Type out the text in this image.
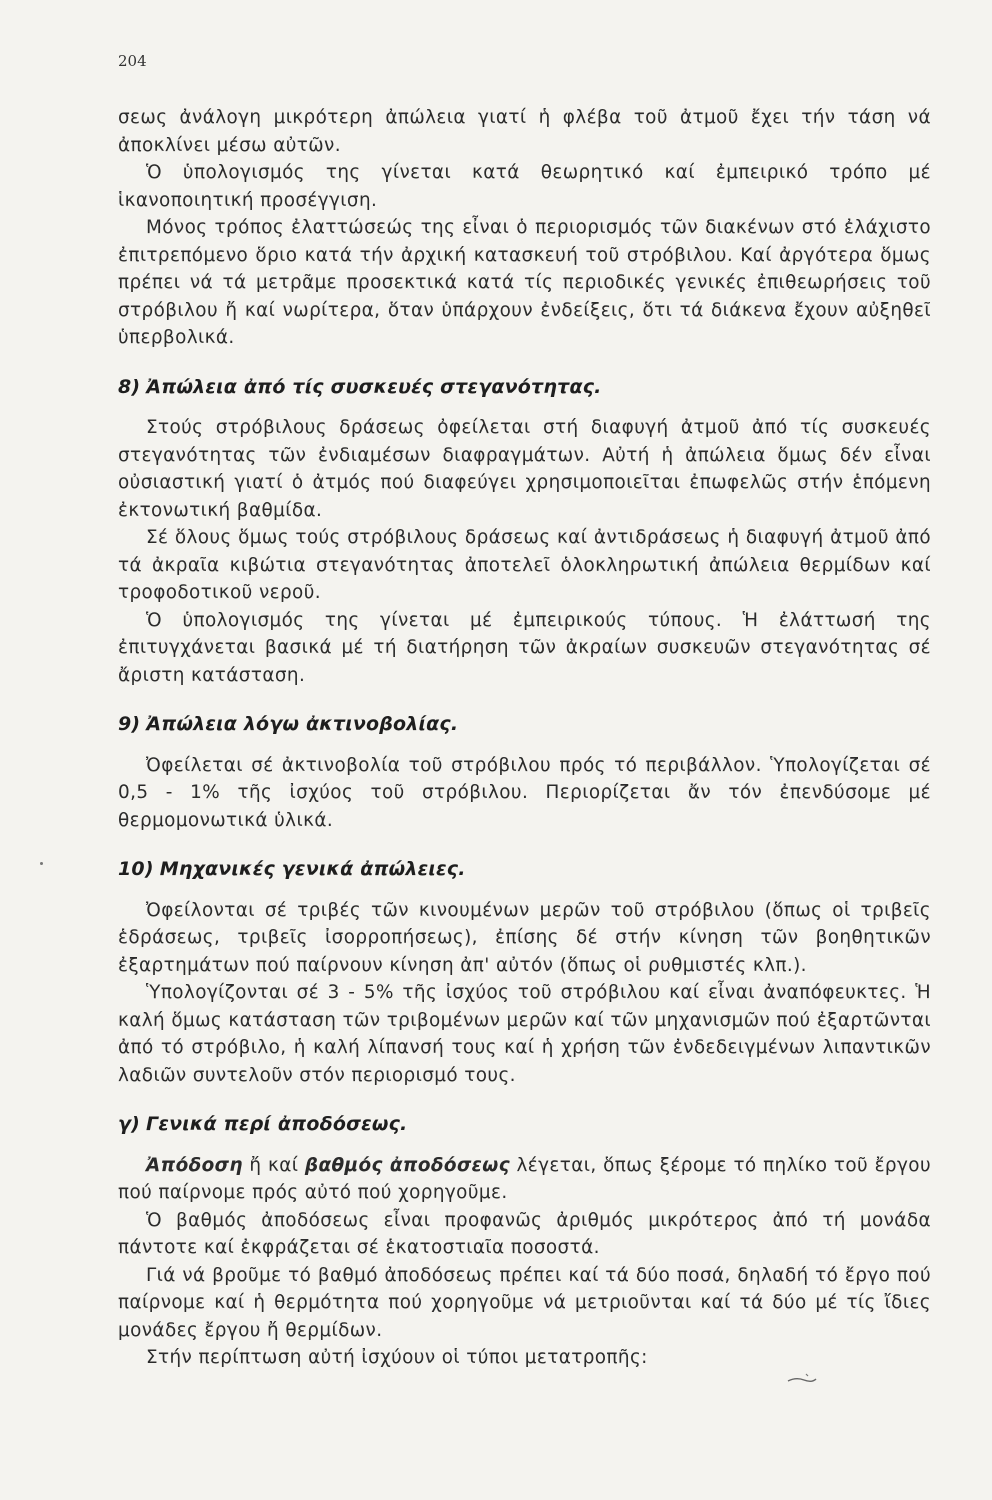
204

σεως ἀνάλογη μικρότερη ἀπώλεια γιατί ἡ φλέβα τοῦ ἀτμοῦ ἔχει τήν τάση νά ἀποκλίνει μέσω αὐτῶν.

Ὁ ὑπολογισμός της γίνεται κατά θεωρητικό καί ἐμπειρικό τρόπο μέ ἱκανοποιητική προσέγγιση.

Μόνος τρόπος ἐλαττώσεώς της εἶναι ὁ περιορισμός τῶν διακένων στό ἐλάχιστο ἐπιτρεπόμενο ὅριο κατά τήν ἀρχική κατασκευή τοῦ στρόβιλου. Καί ἀργότερα ὅμως πρέπει νά τά μετρᾶμε προσεκτικά κατά τίς περιοδικές γενικές ἐπιθεωρήσεις τοῦ στρόβιλου ἤ καί νωρίτερα, ὅταν ὑπάρχουν ἐνδείξεις, ὅτι τά διάκενα ἔχουν αὐξηθεῖ ὑπερβολικά.

8) Ἀπώλεια ἀπό τίς συσκευές στεγανότητας.

Στούς στρόβιλους δράσεως ὀφείλεται στή διαφυγή ἀτμοῦ ἀπό τίς συσκευές στεγανότητας τῶν ἐνδιαμέσων διαφραγμάτων. Αὐτή ἡ ἀπώλεια ὅμως δέν εἶναι οὐσιαστική γιατί ὁ ἀτμός πού διαφεύγει χρησιμοποιεῖται ἐπωφελῶς στήν ἑπόμενη ἐκτονωτική βαθμίδα.

Σέ ὅλους ὅμως τούς στρόβιλους δράσεως καί ἀντιδράσεως ἡ διαφυγή ἀτμοῦ ἀπό τά ἀκραῖα κιβώτια στεγανότητας ἀποτελεῖ ὁλοκληρωτική ἀπώλεια θερμίδων καί τροφοδοτικοῦ νεροῦ.

Ὁ ὑπολογισμός της γίνεται μέ ἐμπειρικούς τύπους. Ἡ ἐλάττωσή της ἐπιτυγχάνεται βασικά μέ τή διατήρηση τῶν ἀκραίων συσκευῶν στεγανότητας σέ ἄριστη κατάσταση.

9) Ἀπώλεια λόγω ἀκτινοβολίας.

Ὀφείλεται σέ ἀκτινοβολία τοῦ στρόβιλου πρός τό περιβάλλον. Ὑπολογίζεται σέ 0,5 - 1% τῆς ἰσχύος τοῦ στρόβιλου. Περιορίζεται ἄν τόν ἐπενδύσομε μέ θερμομονωτικά ὑλικά.

10) Μηχανικές γενικά ἀπώλειες.

Ὀφείλονται σέ τριβές τῶν κινουμένων μερῶν τοῦ στρόβιλου (ὅπως οἱ τριβεῖς ἑδράσεως, τριβεῖς ἰσορροπήσεως), ἐπίσης δέ στήν κίνηση τῶν βοηθητικῶν ἐξαρτημάτων πού παίρνουν κίνηση ἀπ' αὐτόν (ὅπως οἱ ρυθμιστές κλπ.).

Ὑπολογίζονται σέ 3 - 5% τῆς ἰσχύος τοῦ στρόβιλου καί εἶναι ἀναπόφευκτες. Ἡ καλή ὅμως κατάσταση τῶν τριβομένων μερῶν καί τῶν μηχανισμῶν πού ἐξαρτῶνται ἀπό τό στρόβιλο, ἡ καλή λίπανσή τους καί ἡ χρήση τῶν ἐνδεδειγμένων λιπαντικῶν λαδιῶν συντελοῦν στόν περιορισμό τους.

γ) Γενικά περί ἀποδόσεως.

Ἀπόδοση ἤ καί βαθμός ἀποδόσεως λέγεται, ὅπως ξέρομε τό πηλίκο τοῦ ἔργου πού παίρνομε πρός αὐτό πού χορηγοῦμε.

Ὁ βαθμός ἀποδόσεως εἶναι προφανῶς ἀριθμός μικρότερος ἀπό τή μονάδα πάντοτε καί ἐκφράζεται σέ ἑκατοστιαῖα ποσοστά.

Γιά νά βροῦμε τό βαθμό ἀποδόσεως πρέπει καί τά δύο ποσά, δηλαδή τό ἔργο πού παίρνομε καί ἡ θερμότητα πού χορηγοῦμε νά μετριοῦνται καί τά δύο μέ τίς ἴδιες μονάδες ἔργου ἤ θερμίδων.

Στήν περίπτωση αὐτή ἰσχύουν οἱ τύποι μετατροπῆς:
